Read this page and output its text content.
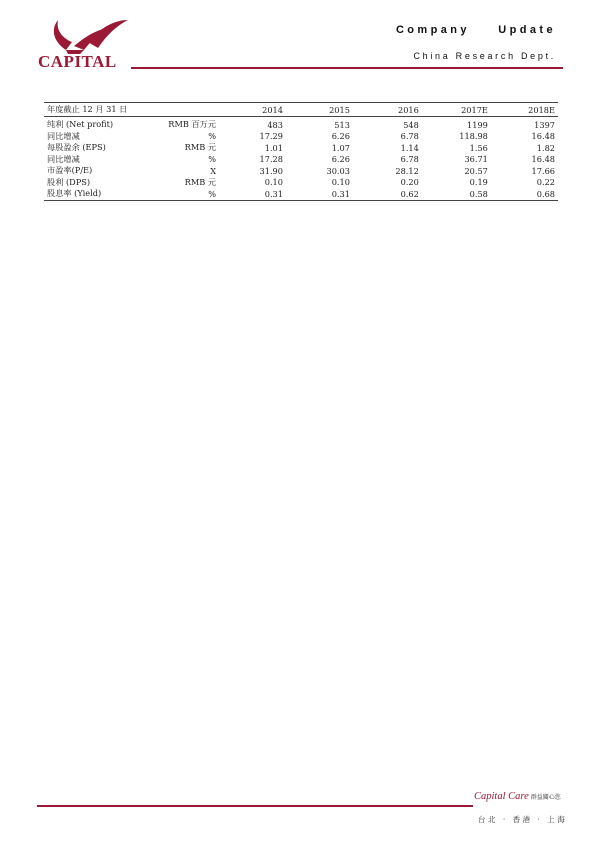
CAPITAL
Company Update
China Research Dept.
年度截止 12 月 31 日		2014	2015	2016	2017E	2018E
纯利 (Net profit)	RMB 百万元	483	513	548	1199	1397
同比增减	%	17.29	6.26	6.78	118.98	16.48
每股盈余 (EPS)	RMB 元	1.01	1.07	1.14	1.56	1.82
同比增减	%	17.28	6.26	6.78	36.71	16.48
市盈率(P/E)	X	31.90	30.03	28.12	20.57	17.66
股利 (DPS)	RMB 元	0.10	0.10	0.20	0.19	0.22
股息率 (Yield)	%	0.31	0.31	0.62	0.58	0.68
Capital Care 群益關心您
台北 · 香港 · 上海
